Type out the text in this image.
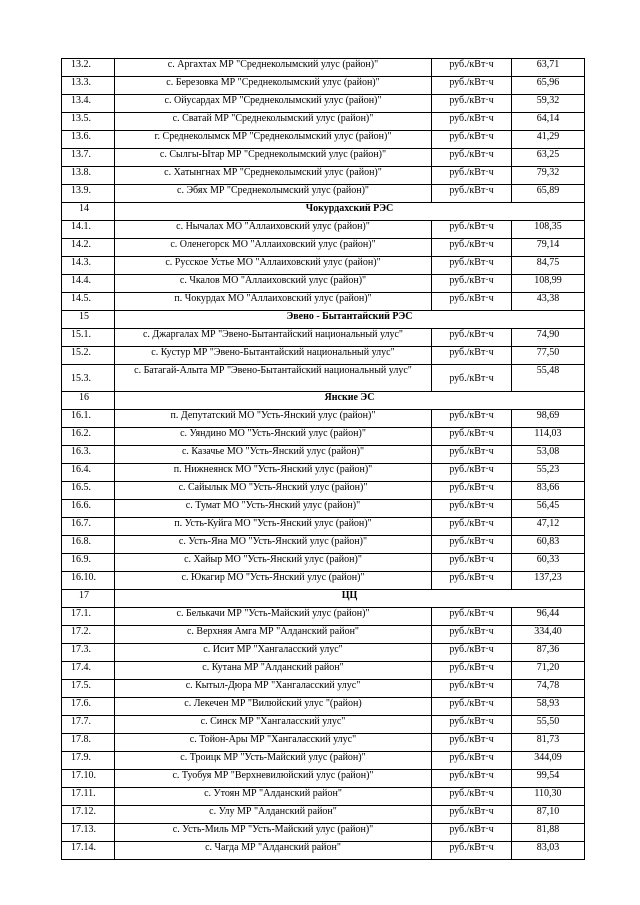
13.2.	с. Аргахтах МР "Среднеколымский улус (район)"	руб./кВт·ч	63,71
13.3.	с. Березовка МР "Среднеколымский улус (район)"	руб./кВт·ч	65,96
13.4.	с. Ойусардах МР "Среднеколымский улус (район)"	руб./кВт·ч	59,32
13.5.	с. Сватай МР "Среднеколымский улус (район)"	руб./кВт·ч	64,14
13.6.	г. Среднеколымск МР "Среднеколымский улус (район)"	руб./кВт·ч	41,29
13.7.	с. Сылгы-Ытар МР "Среднеколымский улус (район)"	руб./кВт·ч	63,25
13.8.	с. Хатынгнах МР "Среднеколымский улус (район)"	руб./кВт·ч	79,32
13.9.	с. Эбях МР "Среднеколымский улус (район)"	руб./кВт·ч	65,89
14	Чокурдахский РЭС		
14.1.	с. Нычалах МО "Аллаиховский улус (район)"	руб./кВт·ч	108,35
14.2.	с. Оленегорск МО "Аллаиховский улус (район)"	руб./кВт·ч	79,14
14.3.	с. Русское Устье МО "Аллаиховский улус (район)"	руб./кВт·ч	84,75
14.4.	с. Чкалов МО "Аллаиховский улус (район)"	руб./кВт·ч	108,99
14.5.	п. Чокурдах МО "Аллаиховский улус (район)"	руб./кВт·ч	43,38
15	Эвено - Бытантайский РЭС		
15.1.	с. Джаргалах МР "Эвено-Бытантайский национальный улус"	руб./кВт·ч	74,90
15.2.	с. Кустур МР "Эвено-Бытантайский национальный улус"	руб./кВт·ч	77,50
15.3.	с. Батагай-Алыта МР "Эвено-Бытантайский национальный улус"	руб./кВт·ч	55,48
16	Янские ЭС		
16.1.	п. Депутатский МО "Усть-Янский улус (район)"	руб./кВт·ч	98,69
16.2.	с. Уяндино МО "Усть-Янский улус (район)"	руб./кВт·ч	114,03
16.3.	с. Казачье МО "Усть-Янский улус (район)"	руб./кВт·ч	53,08
16.4.	п. Нижнеянск МО "Усть-Янский улус (район)"	руб./кВт·ч	55,23
16.5.	с. Сайылык МО "Усть-Янский улус (район)"	руб./кВт·ч	83,66
16.6.	с. Тумат МО "Усть-Янский улус (район)"	руб./кВт·ч	56,45
16.7.	п. Усть-Куйга МО "Усть-Янский улус (район)"	руб./кВт·ч	47,12
16.8.	с. Усть-Яна МО "Усть-Янский улус (район)"	руб./кВт·ч	60,83
16.9.	с. Хайыр МО "Усть-Янский улус (район)"	руб./кВт·ч	60,33
16.10.	с. Юкагир МО "Усть-Янский улус (район)"	руб./кВт·ч	137,23
17	ЦЦ		
17.1.	с. Белькачи МР "Усть-Майский улус (район)"	руб./кВт·ч	96,44
17.2.	с. Верхняя Амга МР "Алданский район"	руб./кВт·ч	334,40
17.3.	с. Исит МР "Хангаласский улус"	руб./кВт·ч	87,36
17.4.	с. Кутана МР "Алданский район"	руб./кВт·ч	71,20
17.5.	с. Кытыл-Дюра МР "Хангаласский улус"	руб./кВт·ч	74,78
17.6.	с. Лекечен МР "Вилюйский улус "(район)	руб./кВт·ч	58,93
17.7.	с. Синск МР "Хангаласский улус"	руб./кВт·ч	55,50
17.8.	с. Тойон-Ары МР "Хангаласский улус"	руб./кВт·ч	81,73
17.9.	с. Троицк МР "Усть-Майский улус (район)"	руб./кВт·ч	344,09
17.10.	с. Туобуя МР "Верхневилюйский улус (район)"	руб./кВт·ч	99,54
17.11.	с. Утоян МР "Алданский район"	руб./кВт·ч	110,30
17.12.	с. Улу МР "Алданский район"	руб./кВт·ч	87,10
17.13.	с. Усть-Миль МР "Усть-Майский улус (район)"	руб./кВт·ч	81,88
17.14.	с. Чагда МР "Алданский район"	руб./кВт·ч	83,03
